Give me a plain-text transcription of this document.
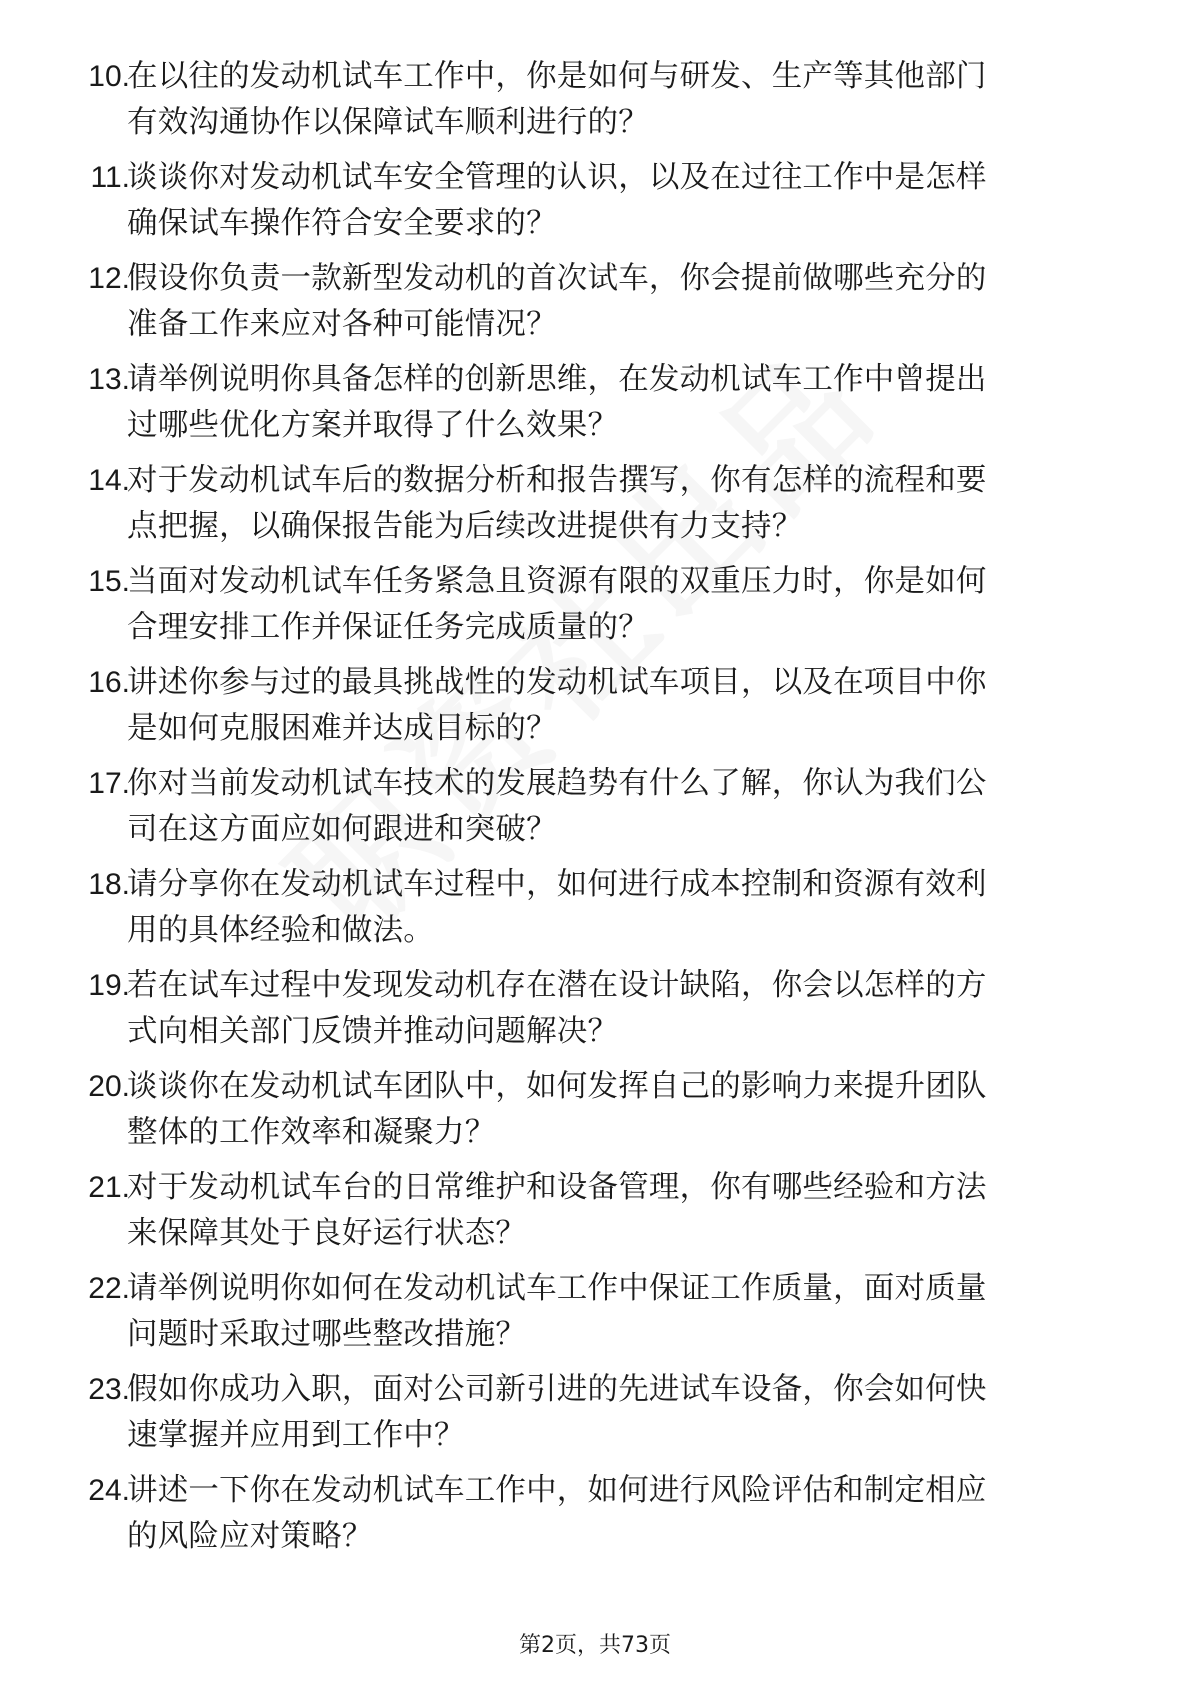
10.
在以往的发动机试车工作中，你是如何与研发、生产等其他部门
有效沟通协作以保障试车顺利进行的？
11.
谈谈你对发动机试车安全管理的认识，以及在过往工作中是怎样
确保试车操作符合安全要求的？
12.
假设你负责一款新型发动机的首次试车，你会提前做哪些充分的
准备工作来应对各种可能情况？
13.
请举例说明你具备怎样的创新思维，在发动机试车工作中曾提出
过哪些优化方案并取得了什么效果？
14.
对于发动机试车后的数据分析和报告撰写，你有怎样的流程和要
点把握，以确保报告能为后续改进提供有力支持？
15.
当面对发动机试车任务紧急且资源有限的双重压力时，你是如何
合理安排工作并保证任务完成质量的？
16.
讲述你参与过的最具挑战性的发动机试车项目，以及在项目中你
是如何克服困难并达成目标的？
17.
你对当前发动机试车技术的发展趋势有什么了解，你认为我们公
司在这方面应如何跟进和突破？
18.
请分享你在发动机试车过程中，如何进行成本控制和资源有效利
用的具体经验和做法。
19.
若在试车过程中发现发动机存在潜在设计缺陷，你会以怎样的方
式向相关部门反馈并推动问题解决？
20.
谈谈你在发动机试车团队中，如何发挥自己的影响力来提升团队
整体的工作效率和凝聚力？
21.
对于发动机试车台的日常维护和设备管理，你有哪些经验和方法
来保障其处于良好运行状态？
22.
请举例说明你如何在发动机试车工作中保证工作质量，面对质量
问题时采取过哪些整改措施？
23.
假如你成功入职，面对公司新引进的先进试车设备，你会如何快
速掌握并应用到工作中？
24.
讲述一下你在发动机试车工作中，如何进行风险评估和制定相应
的风险应对策略？
第2页，共73页
